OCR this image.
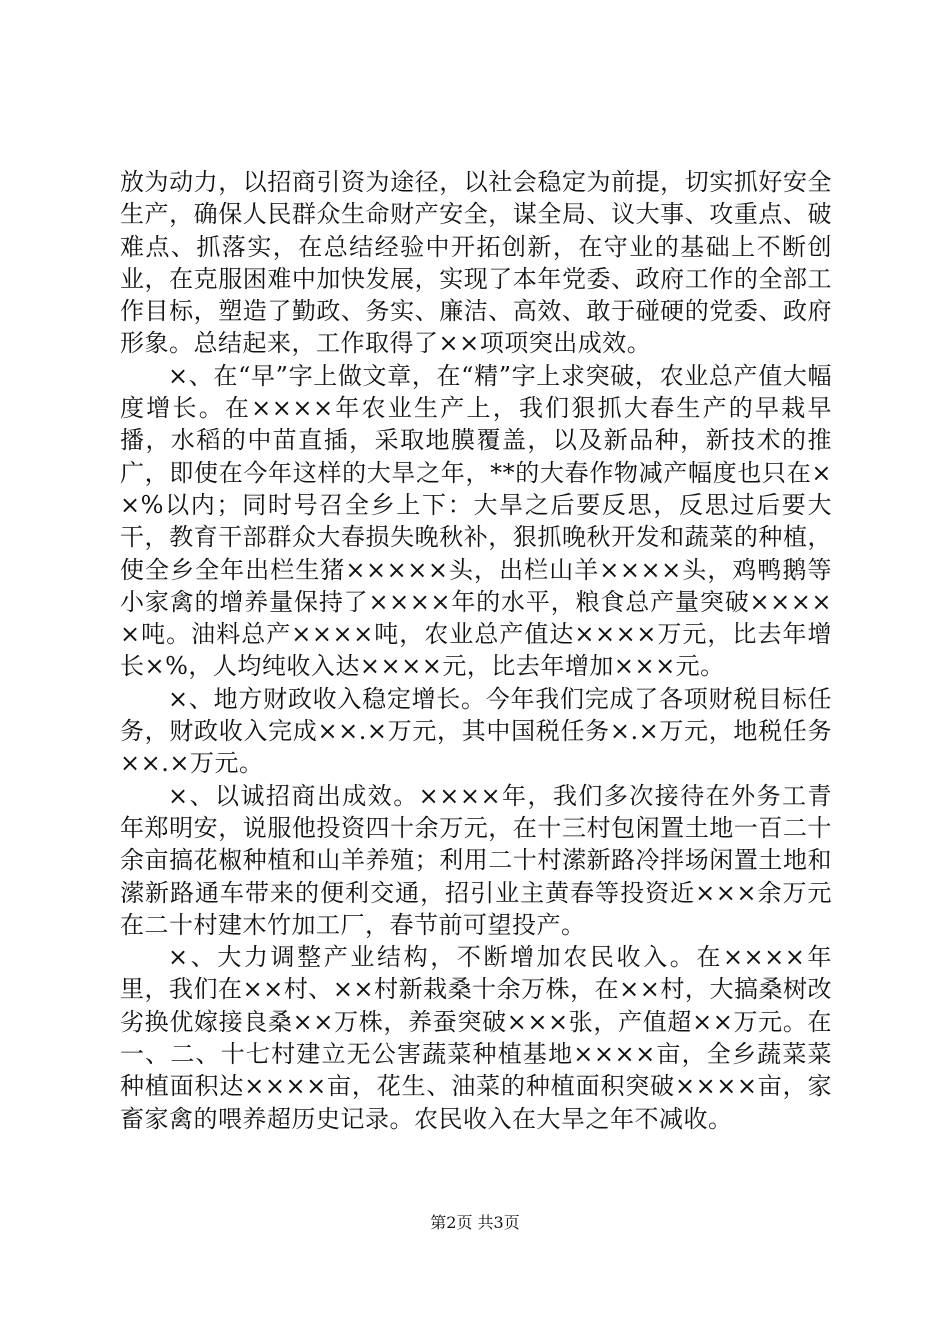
放为动力，以招商引资为途径，以社会稳定为前提，切实抓好安全生产，确保人民群众生命财产安全，谋全局、议大事、攻重点、破难点、抓落实，在总结经验中开拓创新，在守业的基础上不断创业，在克服困难中加快发展，实现了本年党委、政府工作的全部工作目标，塑造了勤政、务实、廉洁、高效、敢于碰硬的党委、政府形象。总结起来，工作取得了××项项突出成效。

×、在“早”字上做文章，在“精”字上求突破，农业总产值大幅度增长。在××××年农业生产上，我们狠抓大春生产的早栽早播，水稻的中苗直插，采取地膜覆盖，以及新品种，新技术的推广，即使在今年这样的大旱之年，**的大春作物减产幅度也只在××%以内；同时号召全乡上下：大旱之后要反思，反思过后要大干，教育干部群众大春损失晚秋补，狠抓晚秋开发和蔬菜的种植，使全乡全年出栏生猪×××××头，出栏山羊××××头，鸡鸭鹅等小家禽的增养量保持了××××年的水平，粮食总产量突破×××××吨。油料总产××××吨，农业总产值达××××万元，比去年增长×%，人均纯收入达××××元，比去年增加×××元。

×、地方财政收入稳定增长。今年我们完成了各项财税目标任务，财政收入完成××.×万元，其中国税任务×.×万元，地税任务××.×万元。

×、以诚招商出成效。××××年，我们多次接待在外务工青年郑明安，说服他投资四十余万元，在十三村包闲置土地一百二十余亩搞花椒种植和山羊养殖；利用二十村潆新路冷拌场闲置土地和潆新路通车带来的便利交通，招引业主黄春等投资近×××余万元在二十村建木竹加工厂，春节前可望投产。

×、大力调整产业结构，不断增加农民收入。在××××年里，我们在××村、××村新栽桑十余万株，在××村，大搞桑树改劣换优嫁接良桑××万株，养蚕突破×××张，产值超××万元。在一、二、十七村建立无公害蔬菜种植基地××××亩，全乡蔬菜菜种植面积达××××亩，花生、油菜的种植面积突破××××亩，家畜家禽的喂养超历史记录。农民收入在大旱之年不减收。

第2页 共3页
